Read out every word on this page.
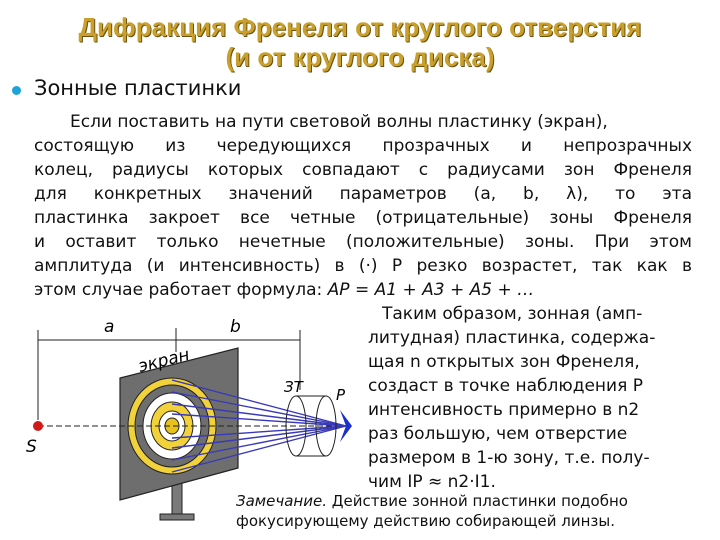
Дифракция Френеля от круглого отверстия
(и от круглого диска)
Зонные пластинки
Если поставить на пути световой волны пластинку (экран),
состоящую из чередующихся прозрачных и непрозрачных
колец, радиусы которых совпадают с радиусами зон Френеля
для конкретных значений параметров (a, b, λ), то эта
пластинка закроет все четные (отрицательные) зоны Френеля
и оставит только нечетные (положительные) зоны. При этом
амплитуда (и интенсивность) в (·) P резко возрастет, так как в
этом случае работает формула: AP = A1 + A3 + A5 + …
Таким образом, зонная (амп-
литудная) пластинка, содержа-
щая n открытых зон Френеля,
создаст в точке наблюдения P
интенсивность примерно в n2
раз большую, чем отверстие
размером в 1-ю зону, т.е. полу-
чим IP ≈ n2·I1.
Замечание. Действие зонной пластинки подобно
фокусирующему действию собирающей линзы.
a	b
экран
ЗТ P
S
